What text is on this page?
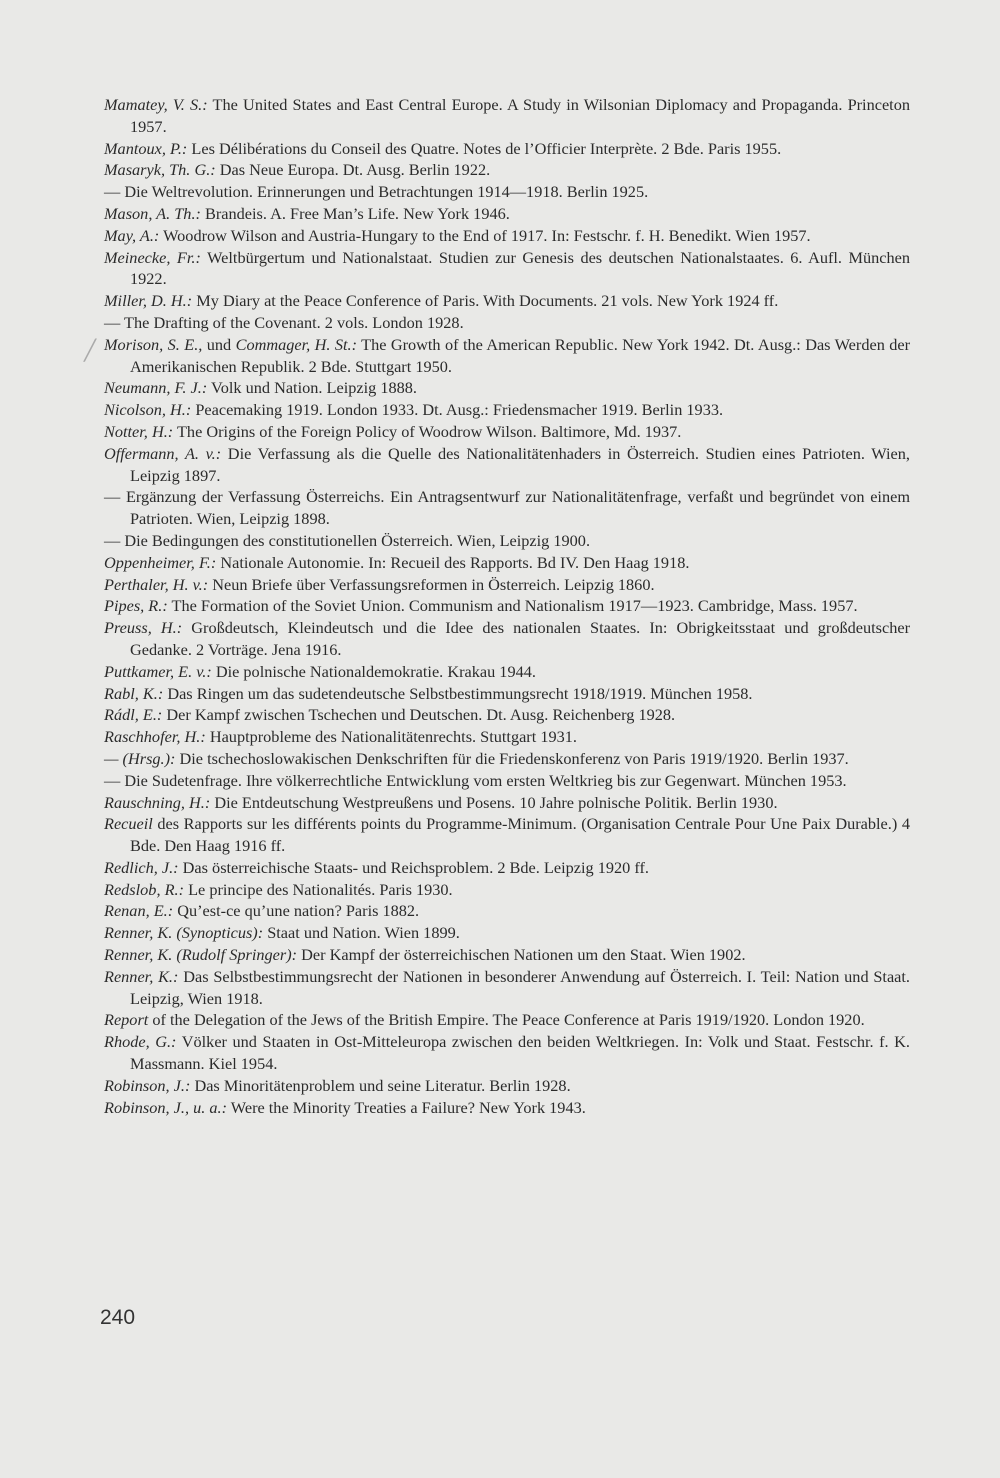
╱
Mamatey, V. S.: The United States and East Central Europe. A Study in Wilsonian Diplomacy and Propaganda. Princeton 1957.
Mantoux, P.: Les Délibérations du Conseil des Quatre. Notes de l’Officier Interprète. 2 Bde. Paris 1955.
Masaryk, Th. G.: Das Neue Europa. Dt. Ausg. Berlin 1922.
— Die Weltrevolution. Erinnerungen und Betrachtungen 1914—1918. Berlin 1925.
Mason, A. Th.: Brandeis. A. Free Man’s Life. New York 1946.
May, A.: Woodrow Wilson and Austria-Hungary to the End of 1917. In: Festschr. f. H. Benedikt. Wien 1957.
Meinecke, Fr.: Weltbürgertum und Nationalstaat. Studien zur Genesis des deutschen Nationalstaates. 6. Aufl. München 1922.
Miller, D. H.: My Diary at the Peace Conference of Paris. With Documents. 21 vols. New York 1924 ff.
— The Drafting of the Covenant. 2 vols. London 1928.
Morison, S. E., und Commager, H. St.: The Growth of the American Republic. New York 1942. Dt. Ausg.: Das Werden der Amerikanischen Republik. 2 Bde. Stuttgart 1950.
Neumann, F. J.: Volk und Nation. Leipzig 1888.
Nicolson, H.: Peacemaking 1919. London 1933. Dt. Ausg.: Friedensmacher 1919. Berlin 1933.
Notter, H.: The Origins of the Foreign Policy of Woodrow Wilson. Baltimore, Md. 1937.
Offermann, A. v.: Die Verfassung als die Quelle des Nationalitätenhaders in Österreich. Studien eines Patrioten. Wien, Leipzig 1897.
— Ergänzung der Verfassung Österreichs. Ein Antragsentwurf zur Nationalitätenfrage, verfaßt und begründet von einem Patrioten. Wien, Leipzig 1898.
— Die Bedingungen des constitutionellen Österreich. Wien, Leipzig 1900.
Oppenheimer, F.: Nationale Autonomie. In: Recueil des Rapports. Bd IV. Den Haag 1918.
Perthaler, H. v.: Neun Briefe über Verfassungsreformen in Österreich. Leipzig 1860.
Pipes, R.: The Formation of the Soviet Union. Communism and Nationalism 1917—1923. Cambridge, Mass. 1957.
Preuss, H.: Großdeutsch, Kleindeutsch und die Idee des nationalen Staates. In: Obrigkeitsstaat und großdeutscher Gedanke. 2 Vorträge. Jena 1916.
Puttkamer, E. v.: Die polnische Nationaldemokratie. Krakau 1944.
Rabl, K.: Das Ringen um das sudetendeutsche Selbstbestimmungsrecht 1918/1919. München 1958.
Rádl, E.: Der Kampf zwischen Tschechen und Deutschen. Dt. Ausg. Reichenberg 1928.
Raschhofer, H.: Hauptprobleme des Nationalitätenrechts. Stuttgart 1931.
— (Hrsg.): Die tschechoslowakischen Denkschriften für die Friedenskonferenz von Paris 1919/1920. Berlin 1937.
— Die Sudetenfrage. Ihre völkerrechtliche Entwicklung vom ersten Weltkrieg bis zur Gegenwart. München 1953.
Rauschning, H.: Die Entdeutschung Westpreußens und Posens. 10 Jahre polnische Politik. Berlin 1930.
Recueil des Rapports sur les différents points du Programme-Minimum. (Organisation Centrale Pour Une Paix Durable.) 4 Bde. Den Haag 1916 ff.
Redlich, J.: Das österreichische Staats- und Reichsproblem. 2 Bde. Leipzig 1920 ff.
Redslob, R.: Le principe des Nationalités. Paris 1930.
Renan, E.: Qu’est-ce qu’une nation? Paris 1882.
Renner, K. (Synopticus): Staat und Nation. Wien 1899.
Renner, K. (Rudolf Springer): Der Kampf der österreichischen Nationen um den Staat. Wien 1902.
Renner, K.: Das Selbstbestimmungsrecht der Nationen in besonderer Anwendung auf Österreich. I. Teil: Nation und Staat. Leipzig, Wien 1918.
Report of the Delegation of the Jews of the British Empire. The Peace Conference at Paris 1919/1920. London 1920.
Rhode, G.: Völker und Staaten in Ost-Mitteleuropa zwischen den beiden Weltkriegen. In: Volk und Staat. Festschr. f. K. Massmann. Kiel 1954.
Robinson, J.: Das Minoritätenproblem und seine Literatur. Berlin 1928.
Robinson, J., u. a.: Were the Minority Treaties a Failure? New York 1943.
240
